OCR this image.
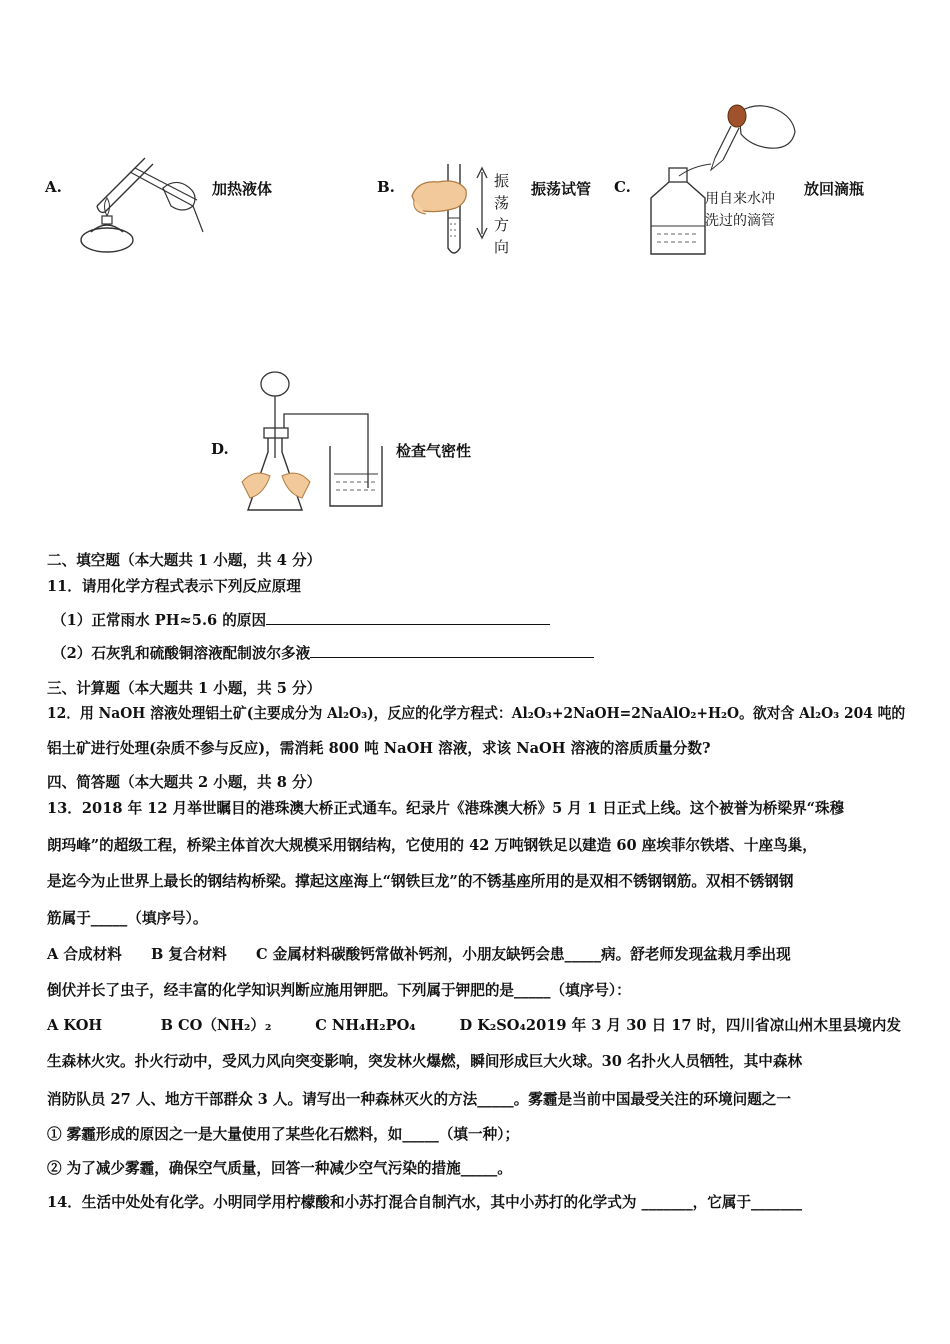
A.	加热液体	B.	振
荡
方
向
振荡试管 C.
用自来水冲
洗过的滴管
放回滴瓶
D.	检查气密性
二、填空题（本大题共 1 小题，共 4 分）
11．请用化学方程式表示下列反应原理
（1）正常雨水 PH≈5.6 的原因
（2）石灰乳和硫酸铜溶液配制波尔多液
三、计算题（本大题共 1 小题，共 5 分）
12．用 NaOH 溶液处理铝土矿(主要成分为 Al₂O₃)，反应的化学方程式：Al₂O₃+2NaOH=2NaAlO₂+H₂O。欲对含 Al₂O₃ 204 吨的
铝土矿进行处理(杂质不参与反应)，需消耗 800 吨 NaOH 溶液，求该 NaOH 溶液的溶质质量分数?
四、简答题（本大题共 2 小题，共 8 分）
13．2018 年 12 月举世瞩目的港珠澳大桥正式通车。纪录片《港珠澳大桥》5 月 1 日正式上线。这个被誉为桥梁界“珠穆
朗玛峰”的超级工程，桥梁主体首次大规模采用钢结构，它使用的 42 万吨钢铁足以建造 60 座埃菲尔铁塔、十座鸟巢，
是迄今为止世界上最长的钢结构桥梁。撑起这座海上“钢铁巨龙”的不锈基座所用的是双相不锈钢钢筋。双相不锈钢钢
筋属于_____（填序号）。
A 合成材料　　B 复合材料　　C 金属材料碳酸钙常做补钙剂，小朋友缺钙会患_____病。舒老师发现盆栽月季出现
倒伏并长了虫子，经丰富的化学知识判断应施用钾肥。下列属于钾肥的是_____（填序号）：
A KOH　　　　B CO（NH₂）₂　　　C NH₄H₂PO₄　　　D K₂SO₄2019 年 3 月 30 日 17 时，四川省凉山州木里县境内发
生森林火灾。扑火行动中，受风力风向突变影响，突发林火爆燃，瞬间形成巨大火球。30 名扑火人员牺牲，其中森林
消防队员 27 人、地方干部群众 3 人。请写出一种森林灭火的方法_____。雾霾是当前中国最受关注的环境问题之一
① 雾霾形成的原因之一是大量使用了某些化石燃料，如_____（填一种）；
② 为了减少雾霾，确保空气质量，回答一种减少空气污染的措施_____。
14．生活中处处有化学。小明同学用柠檬酸和小苏打混合自制汽水，其中小苏打的化学式为 _______，它属于_______
